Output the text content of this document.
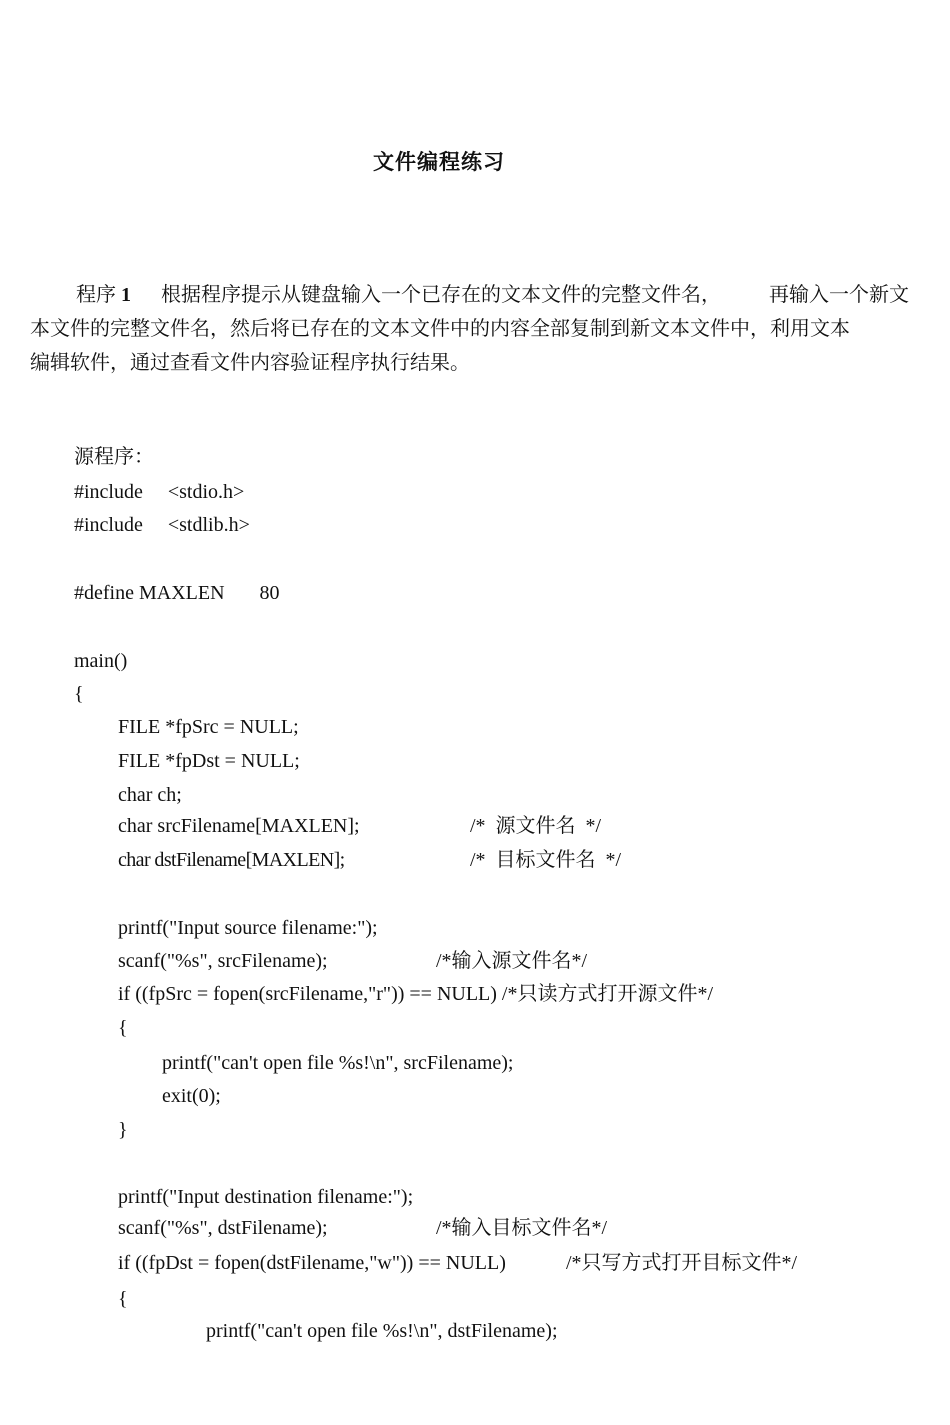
文件编程练习
程序 1 根据程序提示从键盘输入一个已存在的文本文件的完整文件名， 再输入一个新文
本文件的完整文件名，然后将已存在的文本文件中的内容全部复制到新文本文件中，利用文本
编辑软件，通过查看文件内容验证程序执行结果。
源程序：
#include     <stdio.h>
#include     <stdlib.h>
#define MAXLEN       80
main()
{
FILE *fpSrc = NULL;
FILE *fpDst = NULL;
char ch;
char srcFilename[MAXLEN];	/*  源文件名  */
char dstFilename[MAXLEN];	/*  目标文件名  */
printf("Input source filename:");
scanf("%s", srcFilename);	/*输入源文件名*/
if ((fpSrc = fopen(srcFilename,"r")) == NULL) /*只读方式打开源文件*/
{
printf("can't open file %s!\n", srcFilename);
exit(0);
}
printf("Input destination filename:");
scanf("%s", dstFilename);	/*输入目标文件名*/
if ((fpDst = fopen(dstFilename,"w")) == NULL)	/*只写方式打开目标文件*/
{
printf("can't open file %s!\n", dstFilename);
